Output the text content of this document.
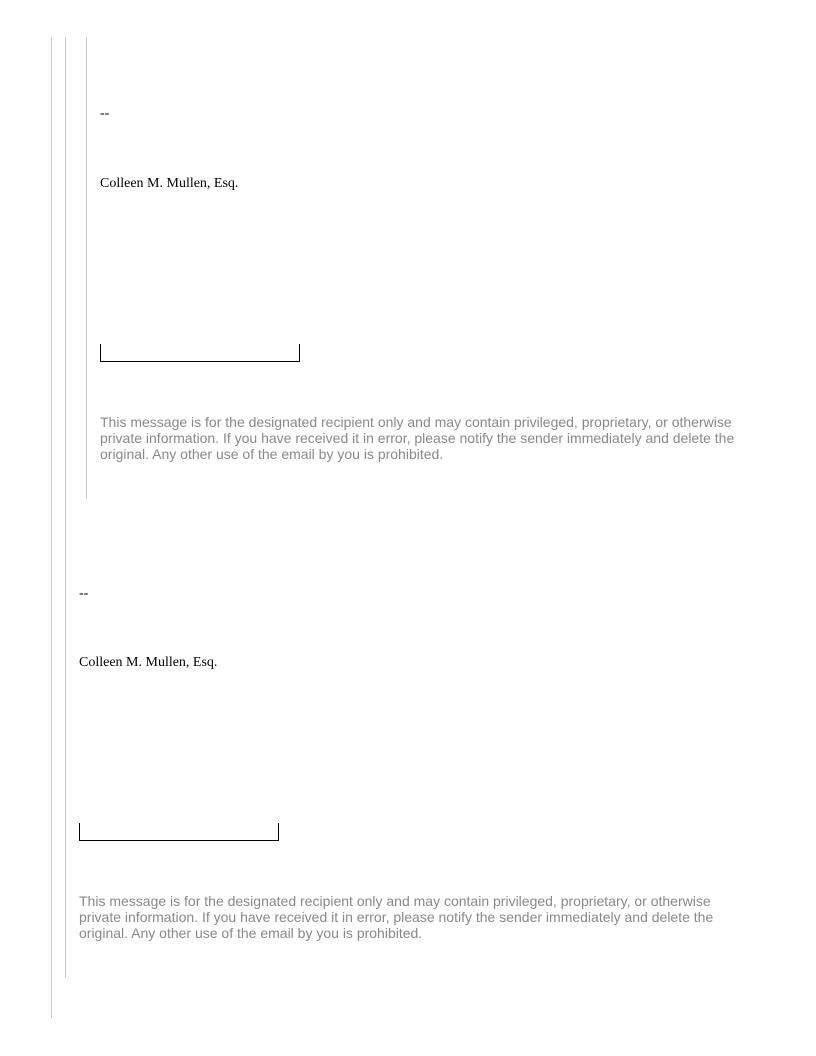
--
Colleen M. Mullen, Esq.
This message is for the designated recipient only and may contain privileged, proprietary, or otherwise private information. If you have received it in error, please notify the sender immediately and delete the original. Any other use of the email by you is prohibited.
--
Colleen M. Mullen, Esq.
This message is for the designated recipient only and may contain privileged, proprietary, or otherwise private information. If you have received it in error, please notify the sender immediately and delete the original. Any other use of the email by you is prohibited.
